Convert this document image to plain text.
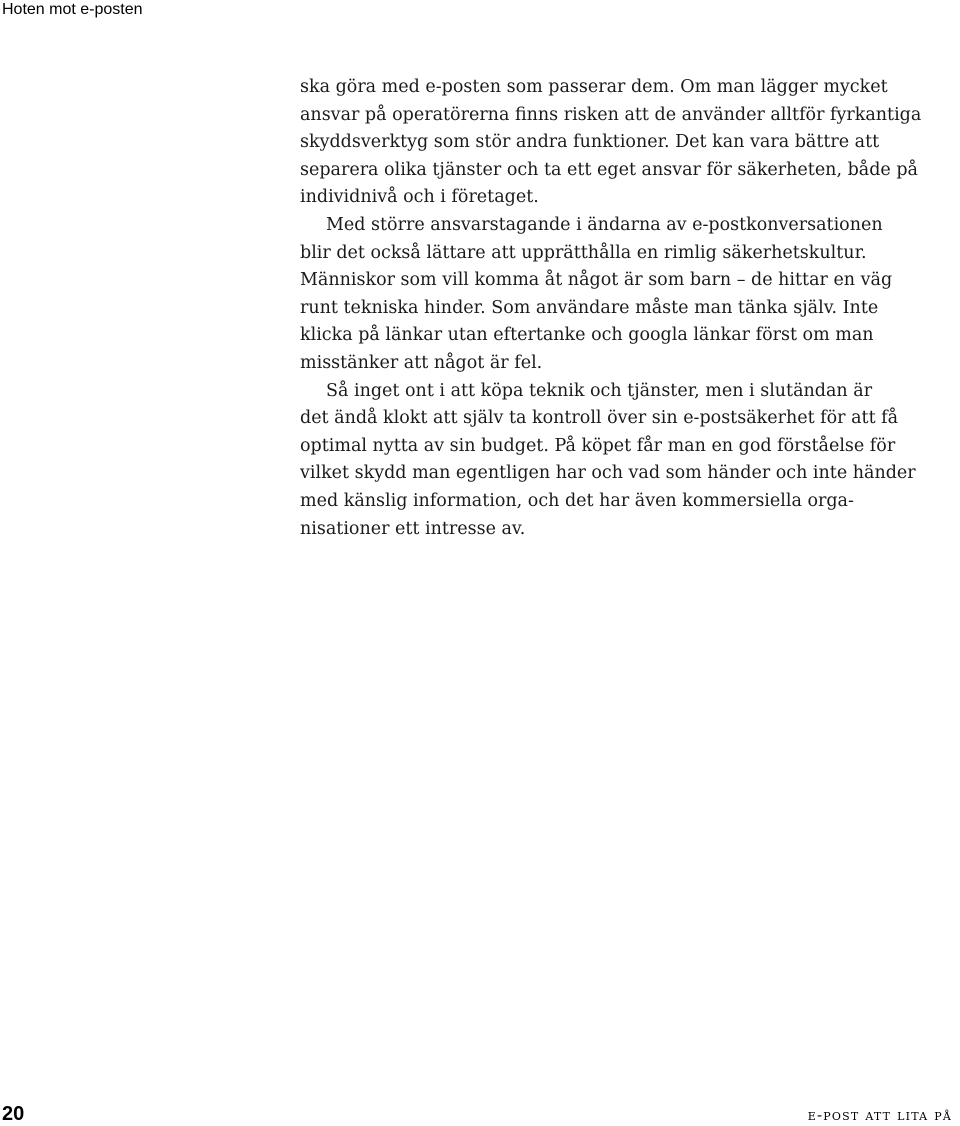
Hoten mot e-posten
ska göra med e-posten som passerar dem. Om man lägger mycket
ansvar på operatörerna finns risken att de använder alltför fyrkantiga
skyddsverktyg som stör andra funktioner. Det kan vara bättre att
separera olika tjänster och ta ett eget ansvar för säkerheten, både på
individnivå och i företaget.
Med större ansvarstagande i ändarna av e-postkonversationen
blir det också lättare att upprätthålla en rimlig säkerhetskultur.
Människor som vill komma åt något är som barn – de hittar en väg
runt tekniska hinder. Som användare måste man tänka själv. Inte
klicka på länkar utan eftertanke och googla länkar först om man
misstänker att något är fel.
Så inget ont i att köpa teknik och tjänster, men i slutändan är
det ändå klokt att själv ta kontroll över sin e-postsäkerhet för att få
optimal nytta av sin budget. På köpet får man en god förståelse för
vilket skydd man egentligen har och vad som händer och inte händer
med känslig information, och det har även kommersiella orga-
nisationer ett intresse av.
20	e-post att lita på
